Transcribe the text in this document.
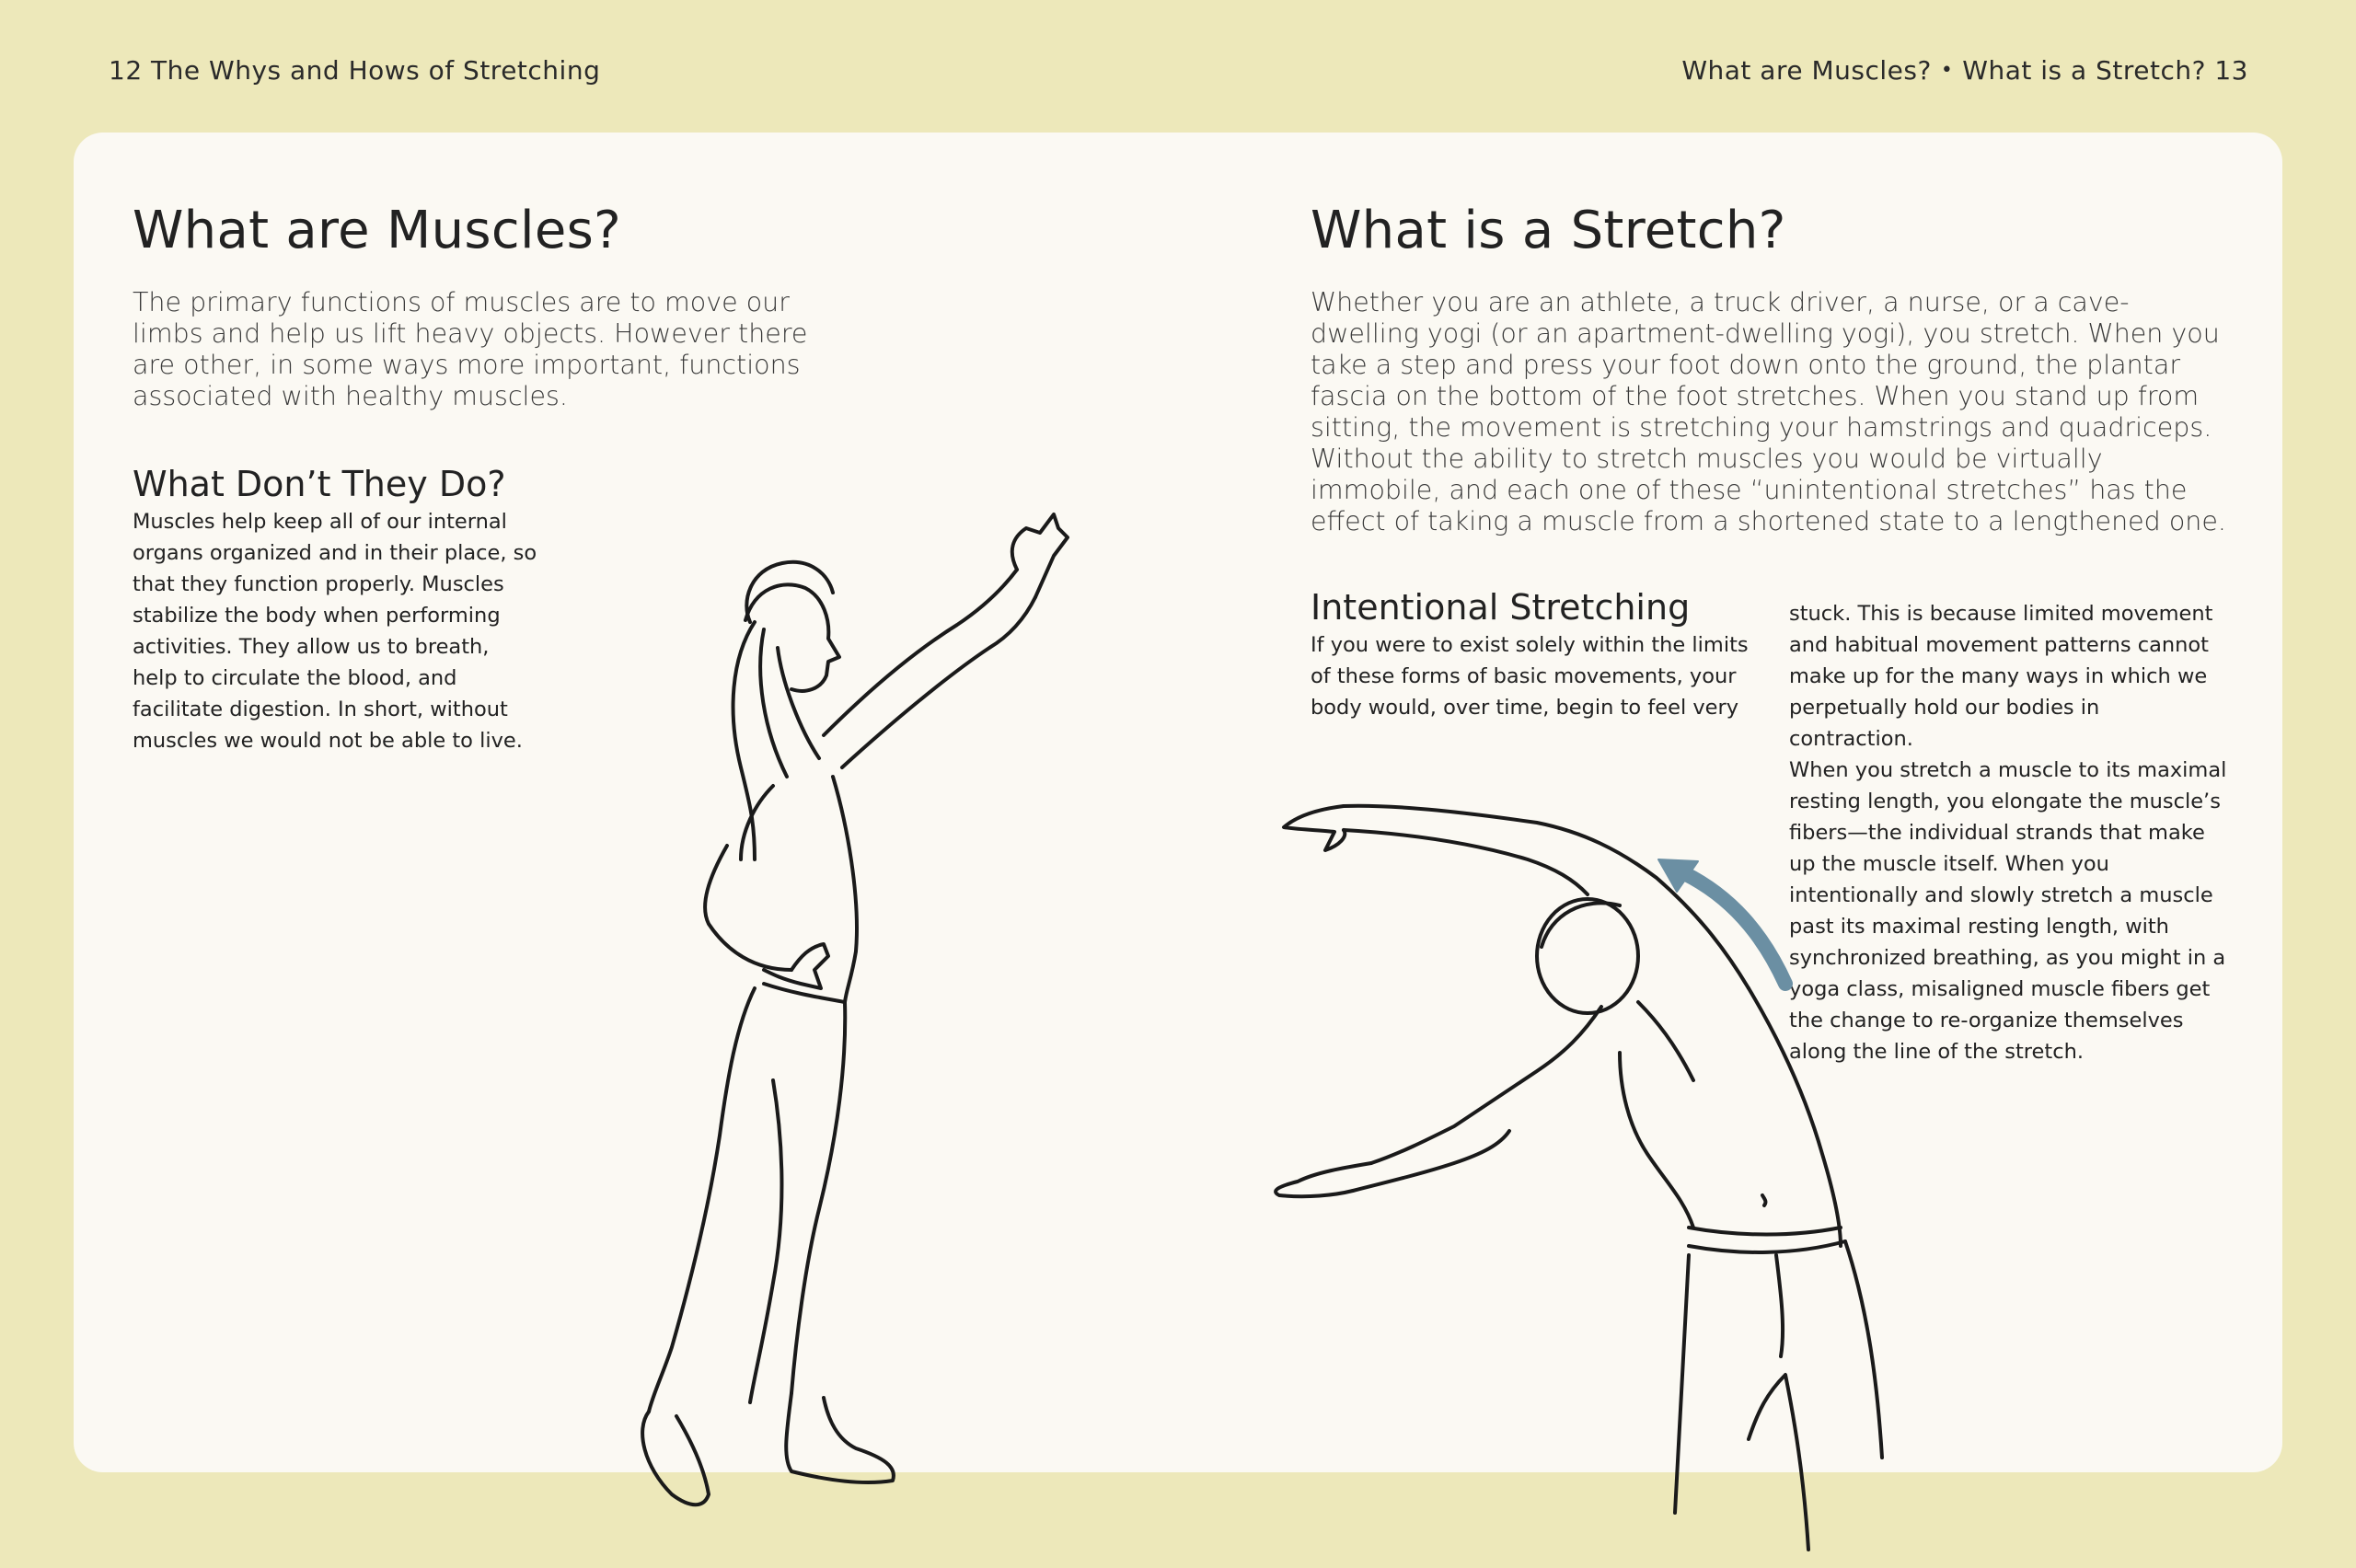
12 The Whys and Hows of Stretching	What are Muscles? • What is a Stretch? 13
What are Muscles?

The primary functions of muscles are to move our limbs and help us lift heavy objects. However there are other, in some ways more important, functions associated with healthy muscles.

What Don’t They Do?

Muscles help keep all of our internal organs organized and in their place, so that they function properly. Muscles stabilize the body when performing activities. They allow us to breath, help to circulate the blood, and facilitate digestion. In short, without muscles we would not be able to live.

What is a Stretch?

Whether you are an athlete, a truck driver, a nurse, or a cave-dwelling yogi (or an apartment-dwelling yogi), you stretch. When you take a step and press your foot down onto the ground, the plantar fascia on the bottom of the foot stretches. When you stand up from sitting, the movement is stretching your hamstrings and quadriceps. Without the ability to stretch muscles you would be virtually immobile, and each one of these “unintentional stretches” has the effect of taking a muscle from a shortened state to a lengthened one.

Intentional Stretching

If you were to exist solely within the limits of these forms of basic movements, your body would, over time, begin to feel very

stuck. This is because limited movement and habitual movement patterns cannot make up for the many ways in which we perpetually hold our bodies in contraction.

When you stretch a muscle to its maximal resting length, you elongate the muscle’s fibers—the individual strands that make up the muscle itself. When you intentionally and slowly stretch a muscle past its maximal resting length, with synchronized breathing, as you might in a yoga class, misaligned muscle fibers get the change to re-organize themselves along the line of the stretch.
